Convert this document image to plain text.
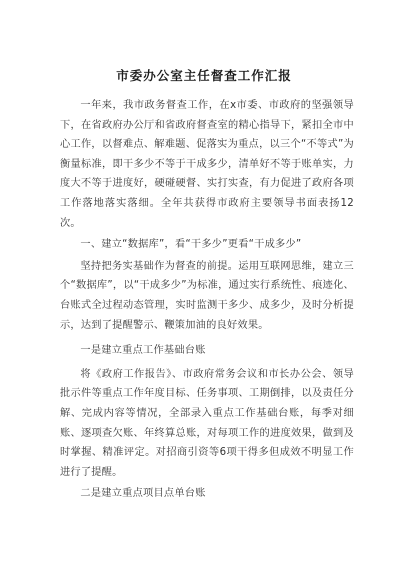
市委办公室主任督查工作汇报

一年来，我市政务督查工作，在x市委、市政府的坚强领导下，在省政府办公厅和省政府督查室的精心指导下，紧扣全市中心工作，以督难点、解难题、促落实为重点，以三个“不等式”为衡量标准，即干多少不等于干成多少，清单好不等于账单实，力度大不等于进度好，硬碰硬督、实打实查，有力促进了政府各项工作落地落实落细。全年共获得市政府主要领导书面表扬12次。

一、建立“数据库”，看“干多少”更看“干成多少”

坚持把务实基础作为督查的前提。运用互联网思维，建立三个“数据库”，以“干成多少”为标准，通过实行系统性、痕迹化、台账式全过程动态管理，实时监测干多少、成多少，及时分析提示，达到了提醒警示、鞭策加油的良好效果。

一是建立重点工作基础台账

将《政府工作报告》、市政府常务会议和市长办公会、领导批示件等重点工作年度目标、任务事项、工期倒排，以及责任分解、完成内容等情况，全部录入重点工作基础台账，每季对细账、逐项查欠账、年终算总账，对每项工作的进度效果，做到及时掌握、精准评定。对招商引资等6项干得多但成效不明显工作进行了提醒。

二是建立重点项目点单台账
